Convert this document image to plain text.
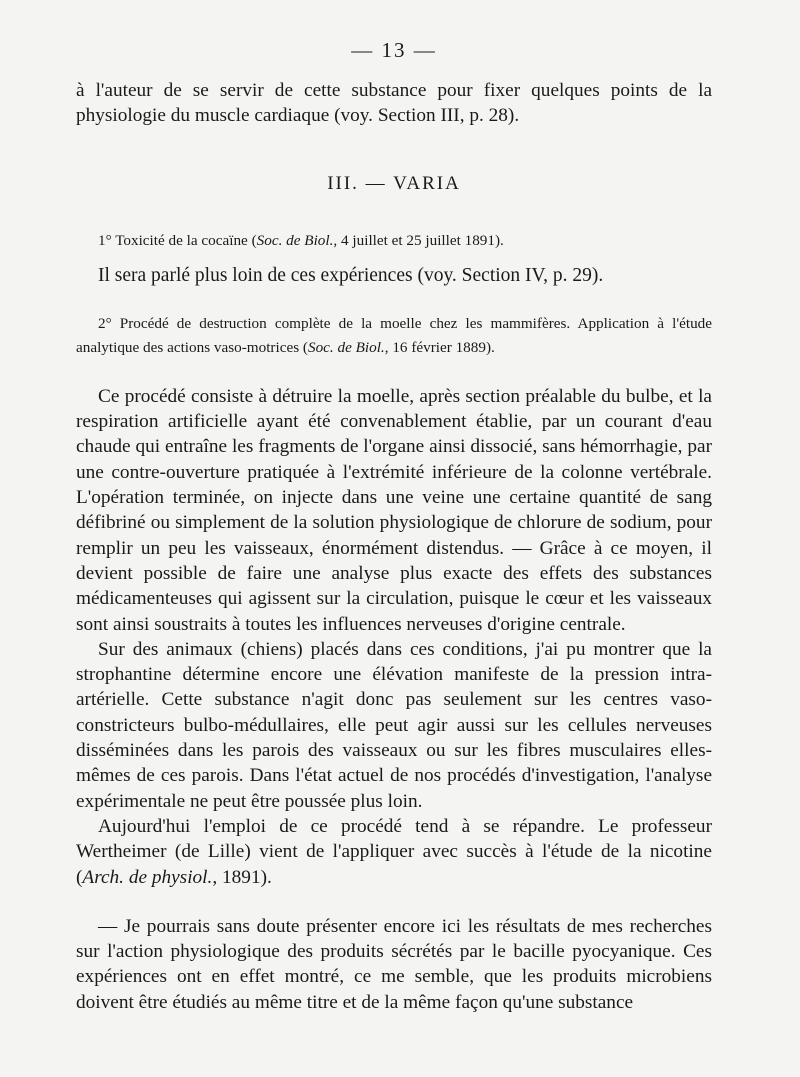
— 13 —

à l'auteur de se servir de cette substance pour fixer quelques points de la physiologie du muscle cardiaque (voy. Section III, p. 28).

III. — VARIA

1° Toxicité de la cocaïne (Soc. de Biol., 4 juillet et 25 juillet 1891).

Il sera parlé plus loin de ces expériences (voy. Section IV, p. 29).

2° Procédé de destruction complète de la moelle chez les mammifères. Application à l'étude analytique des actions vaso-motrices (Soc. de Biol., 16 février 1889).

Ce procédé consiste à détruire la moelle, après section préalable du bulbe, et la respiration artificielle ayant été convenablement établie, par un courant d'eau chaude qui entraîne les fragments de l'organe ainsi dissocié, sans hémorrhagie, par une contre-ouverture pratiquée à l'extrémité inférieure de la colonne vertébrale. L'opération terminée, on injecte dans une veine une certaine quantité de sang défibriné ou simplement de la solution physiologique de chlorure de sodium, pour remplir un peu les vaisseaux, énormément distendus. — Grâce à ce moyen, il devient possible de faire une analyse plus exacte des effets des substances médicamenteuses qui agissent sur la circulation, puisque le cœur et les vaisseaux sont ainsi soustraits à toutes les influences nerveuses d'origine centrale.

Sur des animaux (chiens) placés dans ces conditions, j'ai pu montrer que la strophantine détermine encore une élévation manifeste de la pression intra-artérielle. Cette substance n'agit donc pas seulement sur les centres vaso-constricteurs bulbo-médullaires, elle peut agir aussi sur les cellules nerveuses disséminées dans les parois des vaisseaux ou sur les fibres musculaires elles-mêmes de ces parois. Dans l'état actuel de nos procédés d'investigation, l'analyse expérimentale ne peut être poussée plus loin.

Aujourd'hui l'emploi de ce procédé tend à se répandre. Le professeur Wertheimer (de Lille) vient de l'appliquer avec succès à l'étude de la nicotine (Arch. de physiol., 1891).

— Je pourrais sans doute présenter encore ici les résultats de mes recherches sur l'action physiologique des produits sécrétés par le bacille pyocyanique. Ces expériences ont en effet montré, ce me semble, que les produits microbiens doivent être étudiés au même titre et de la même façon qu'une substance
